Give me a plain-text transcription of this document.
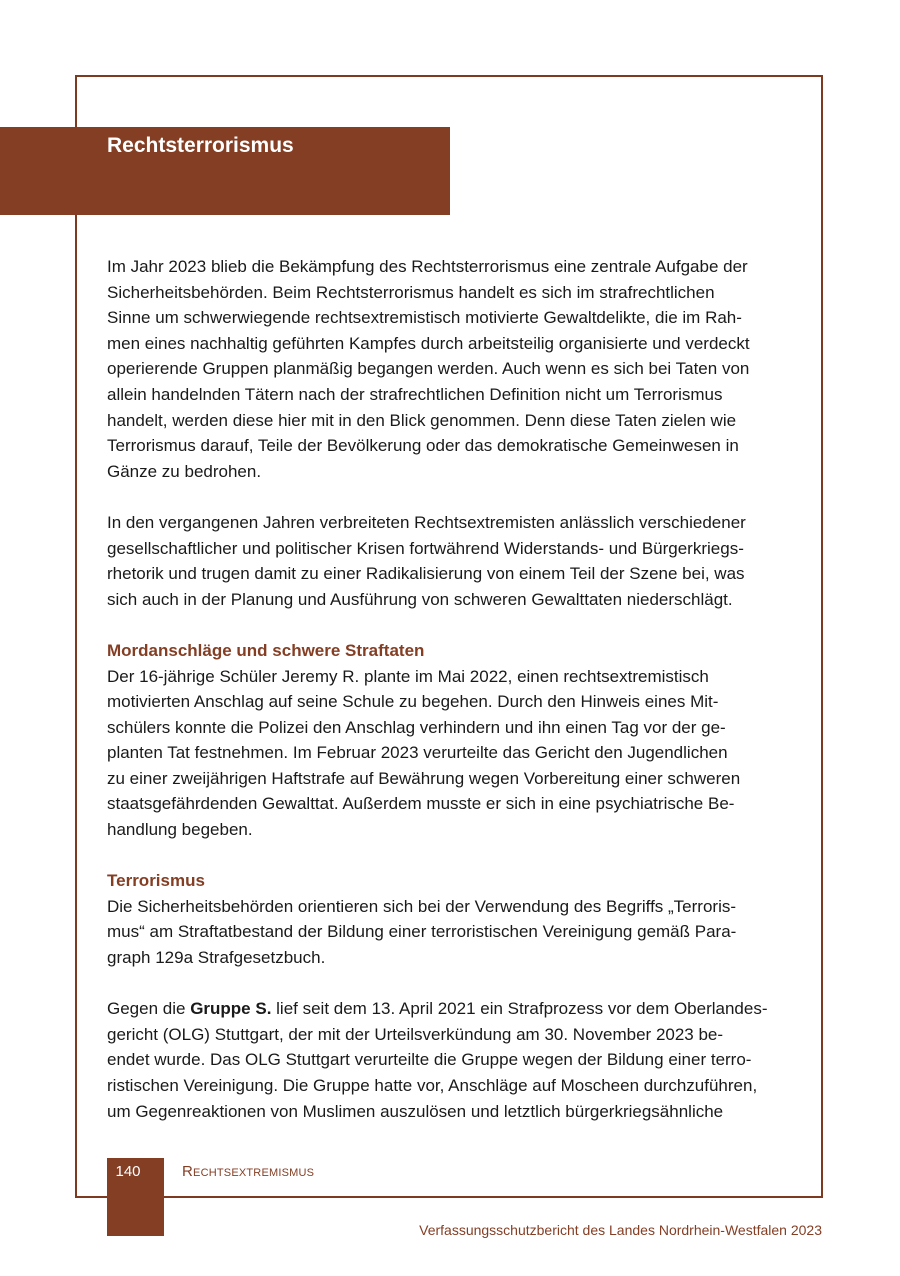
Rechtsterrorismus

Im Jahr 2023 blieb die Bekämpfung des Rechtsterrorismus eine zentrale Aufgabe der
Sicherheitsbehörden. Beim Rechtsterrorismus handelt es sich im strafrechtlichen
Sinne um schwerwiegende rechtsextremistisch motivierte Gewaltdelikte, die im Rah-
men eines nachhaltig geführten Kampfes durch arbeitsteilig organisierte und verdeckt
operierende Gruppen planmäßig begangen werden. Auch wenn es sich bei Taten von
allein handelnden Tätern nach der strafrechtlichen Definition nicht um Terrorismus
handelt, werden diese hier mit in den Blick genommen. Denn diese Taten zielen wie
Terrorismus darauf, Teile der Bevölkerung oder das demokratische Gemeinwesen in
Gänze zu bedrohen.

In den vergangenen Jahren verbreiteten Rechtsextremisten anlässlich verschiedener
gesellschaftlicher und politischer Krisen fortwährend Widerstands- und Bürgerkriegs-
rhetorik und trugen damit zu einer Radikalisierung von einem Teil der Szene bei, was
sich auch in der Planung und Ausführung von schweren Gewalttaten niederschlägt.

Mordanschläge und schwere Straftaten

Der 16-jährige Schüler Jeremy R. plante im Mai 2022, einen rechtsextremistisch
motivierten Anschlag auf seine Schule zu begehen. Durch den Hinweis eines Mit-
schülers konnte die Polizei den Anschlag verhindern und ihn einen Tag vor der ge-
planten Tat festnehmen. Im Februar 2023 verurteilte das Gericht den Jugendlichen
zu einer zweijährigen Haftstrafe auf Bewährung wegen Vorbereitung einer schweren
staatsgefährdenden Gewalttat. Außerdem musste er sich in eine psychiatrische Be-
handlung begeben.

Terrorismus

Die Sicherheitsbehörden orientieren sich bei der Verwendung des Begriffs „Terroris-
mus“ am Straftatbestand der Bildung einer terroristischen Vereinigung gemäß Para-
graph 129a Strafgesetzbuch.

Gegen die Gruppe S. lief seit dem 13. April 2021 ein Strafprozess vor dem Oberlandes-
gericht (OLG) Stuttgart, der mit der Urteilsverkündung am 30. November 2023 be-
endet wurde. Das OLG Stuttgart verurteilte die Gruppe wegen der Bildung einer terro-
ristischen Vereinigung. Die Gruppe hatte vor, Anschläge auf Moscheen durchzuführen,
um Gegenreaktionen von Muslimen auszulösen und letztlich bürgerkriegsähnliche

140	Rechtsextremismus
Verfassungsschutzbericht des Landes Nordrhein-Westfalen 2023
